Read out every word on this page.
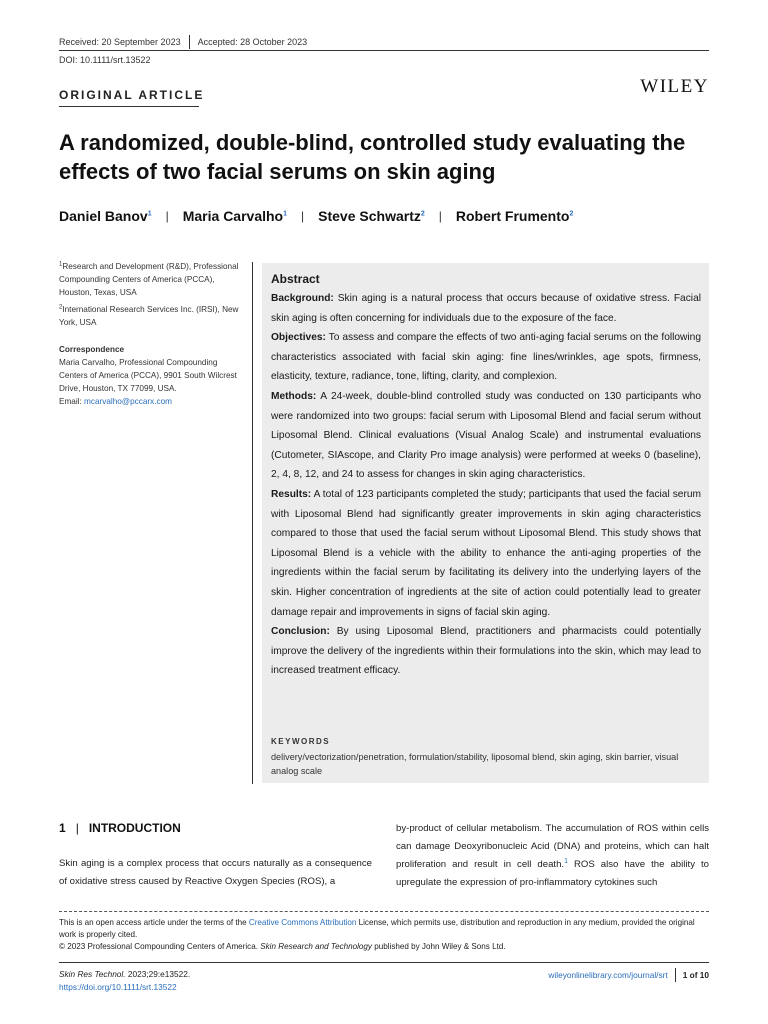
Received: 20 September 2023 Accepted: 28 October 2023
DOI: 10.1111/srt.13522
ORIGINAL ARTICLE	WILEY
A randomized, double-blind, controlled study evaluating the effects of two facial serums on skin aging
Daniel Banov$^1$ | Maria Carvalho$^1$ | Steve Schwartz$^2$ | Robert Frumento$^2$

$^1$Research and Development (R&D), Professional Compounding Centers of America (PCCA), Houston, Texas, USA

$^2$International Research Services Inc. (IRSI), New York, USA

Correspondence

Maria Carvalho, Professional Compounding Centers of America (PCCA), 9901 South Wilcrest Drive, Houston, TX 77099, USA.
Email: mcarvalho@pccarx.com

Abstract

Background: Skin aging is a natural process that occurs because of oxidative stress. Facial skin aging is often concerning for individuals due to the exposure of the face.

Objectives: To assess and compare the effects of two anti-aging facial serums on the following characteristics associated with facial skin aging: fine lines/wrinkles, age spots, firmness, elasticity, texture, radiance, tone, lifting, clarity, and complexion.

Methods: A 24-week, double-blind controlled study was conducted on 130 participants who were randomized into two groups: facial serum with Liposomal Blend and facial serum without Liposomal Blend. Clinical evaluations (Visual Analog Scale) and instrumental evaluations (Cutometer, SIAscope, and Clarity Pro image analysis) were performed at weeks 0 (baseline), 2, 4, 8, 12, and 24 to assess for changes in skin aging characteristics.

Results: A total of 123 participants completed the study; participants that used the facial serum with Liposomal Blend had significantly greater improvements in skin aging characteristics compared to those that used the facial serum without Liposomal Blend. This study shows that Liposomal Blend is a vehicle with the ability to enhance the anti-aging properties of the ingredients within the facial serum by facilitating its delivery into the underlying layers of the skin. Higher concentration of ingredients at the site of action could potentially lead to greater damage repair and improvements in signs of facial skin aging.

Conclusion: By using Liposomal Blend, practitioners and pharmacists could potentially improve the delivery of the ingredients within their formulations into the skin, which may lead to increased treatment efficacy.

KEYWORDS
delivery/vectorization/penetration, formulation/stability, liposomal blend, skin aging, skin barrier, visual analog scale
1 | INTRODUCTION
Skin aging is a complex process that occurs naturally as a consequence of oxidative stress caused by Reactive Oxygen Species (ROS), a
by-product of cellular metabolism. The accumulation of ROS within cells can damage Deoxyribonucleic Acid (DNA) and proteins, which can halt proliferation and result in cell death.$^1$ ROS also have the ability to upregulate the expression of pro-inflammatory cytokines such

This is an open access article under the terms of the Creative Commons Attribution License, which permits use, distribution and reproduction in any medium, provided the original work is properly cited.

© 2023 Professional Compounding Centers of America. Skin Research and Technology published by John Wiley & Sons Ltd.

Skin Res Technol. 2023;29:e13522.
https://doi.org/10.1111/srt.13522
wileyonlinelibrary.com/journal/srt 1 of 10
